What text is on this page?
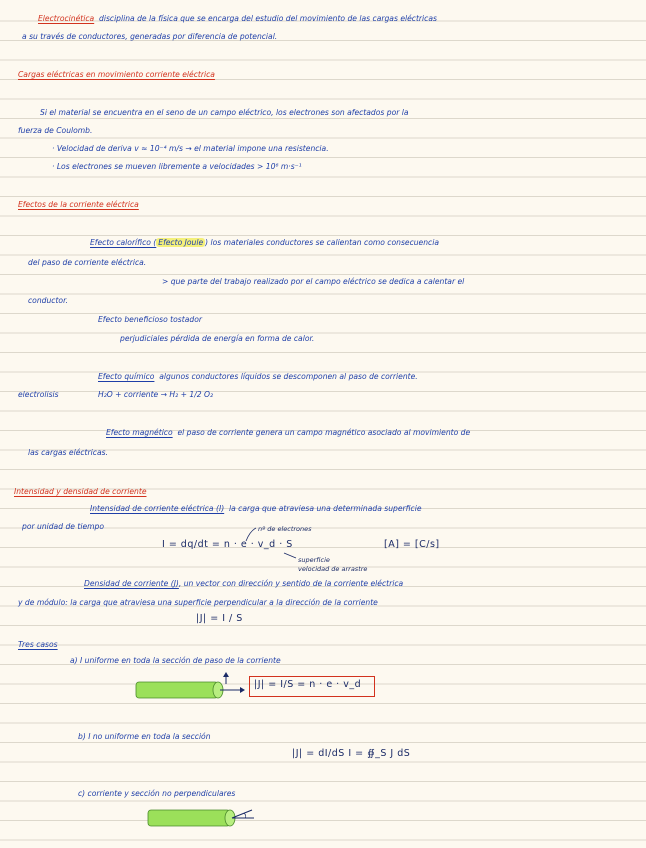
Electrocinética disciplina de la física que se encarga del estudio del movimiento de las cargas eléctricas
a su través de conductores, generadas por diferencia de potencial.
Cargas eléctricas en movimiento corriente eléctrica
Si el material se encuentra en el seno de un campo eléctrico, los electrones son afectados por la
fuerza de Coulomb.
· Velocidad de deriva v ≈ 10⁻⁴ m/s → el material impone una resistencia.
· Los electrones se mueven libremente a velocidades > 10⁶ m·s⁻¹
Efectos de la corriente eléctrica
Efecto calorífico ( Efecto Joule ) los materiales conductores se calientan como consecuencia
del paso de corriente eléctrica.
> que parte del trabajo realizado por el campo eléctrico se dedica a calentar el
conductor.
Efecto beneficioso tostador
perjudiciales pérdida de energía en forma de calor.
Efecto químico algunos conductores líquidos se descomponen al paso de corriente.
electrolisis	H₂O + corriente → H₂ + 1/2 O₂
Efecto magnético el paso de corriente genera un campo magnético asociado al movimiento de
las cargas eléctricas.
Intensidad y densidad de corriente
Intensidad de corriente eléctrica (I) la carga que atraviesa una determinada superficie
por unidad de tiempo	nº de electrones
I = dq/dt = n · e · v_d · S	[A] = [C/s]
superficie
velocidad de arrastre
Densidad de corriente (J), un vector con dirección y sentido de la corriente eléctrica
y de módulo: la carga que atraviesa una superficie perpendicular a la dirección de la corriente
|J| = I / S
Tres casos
a) I uniforme en toda la sección de paso de la corriente
|J| = I/S = n · e · v_d
b) I no uniforme en toda la sección
|J| = dI/dS I = ∯_S J dS
c) corriente y sección no perpendiculares
